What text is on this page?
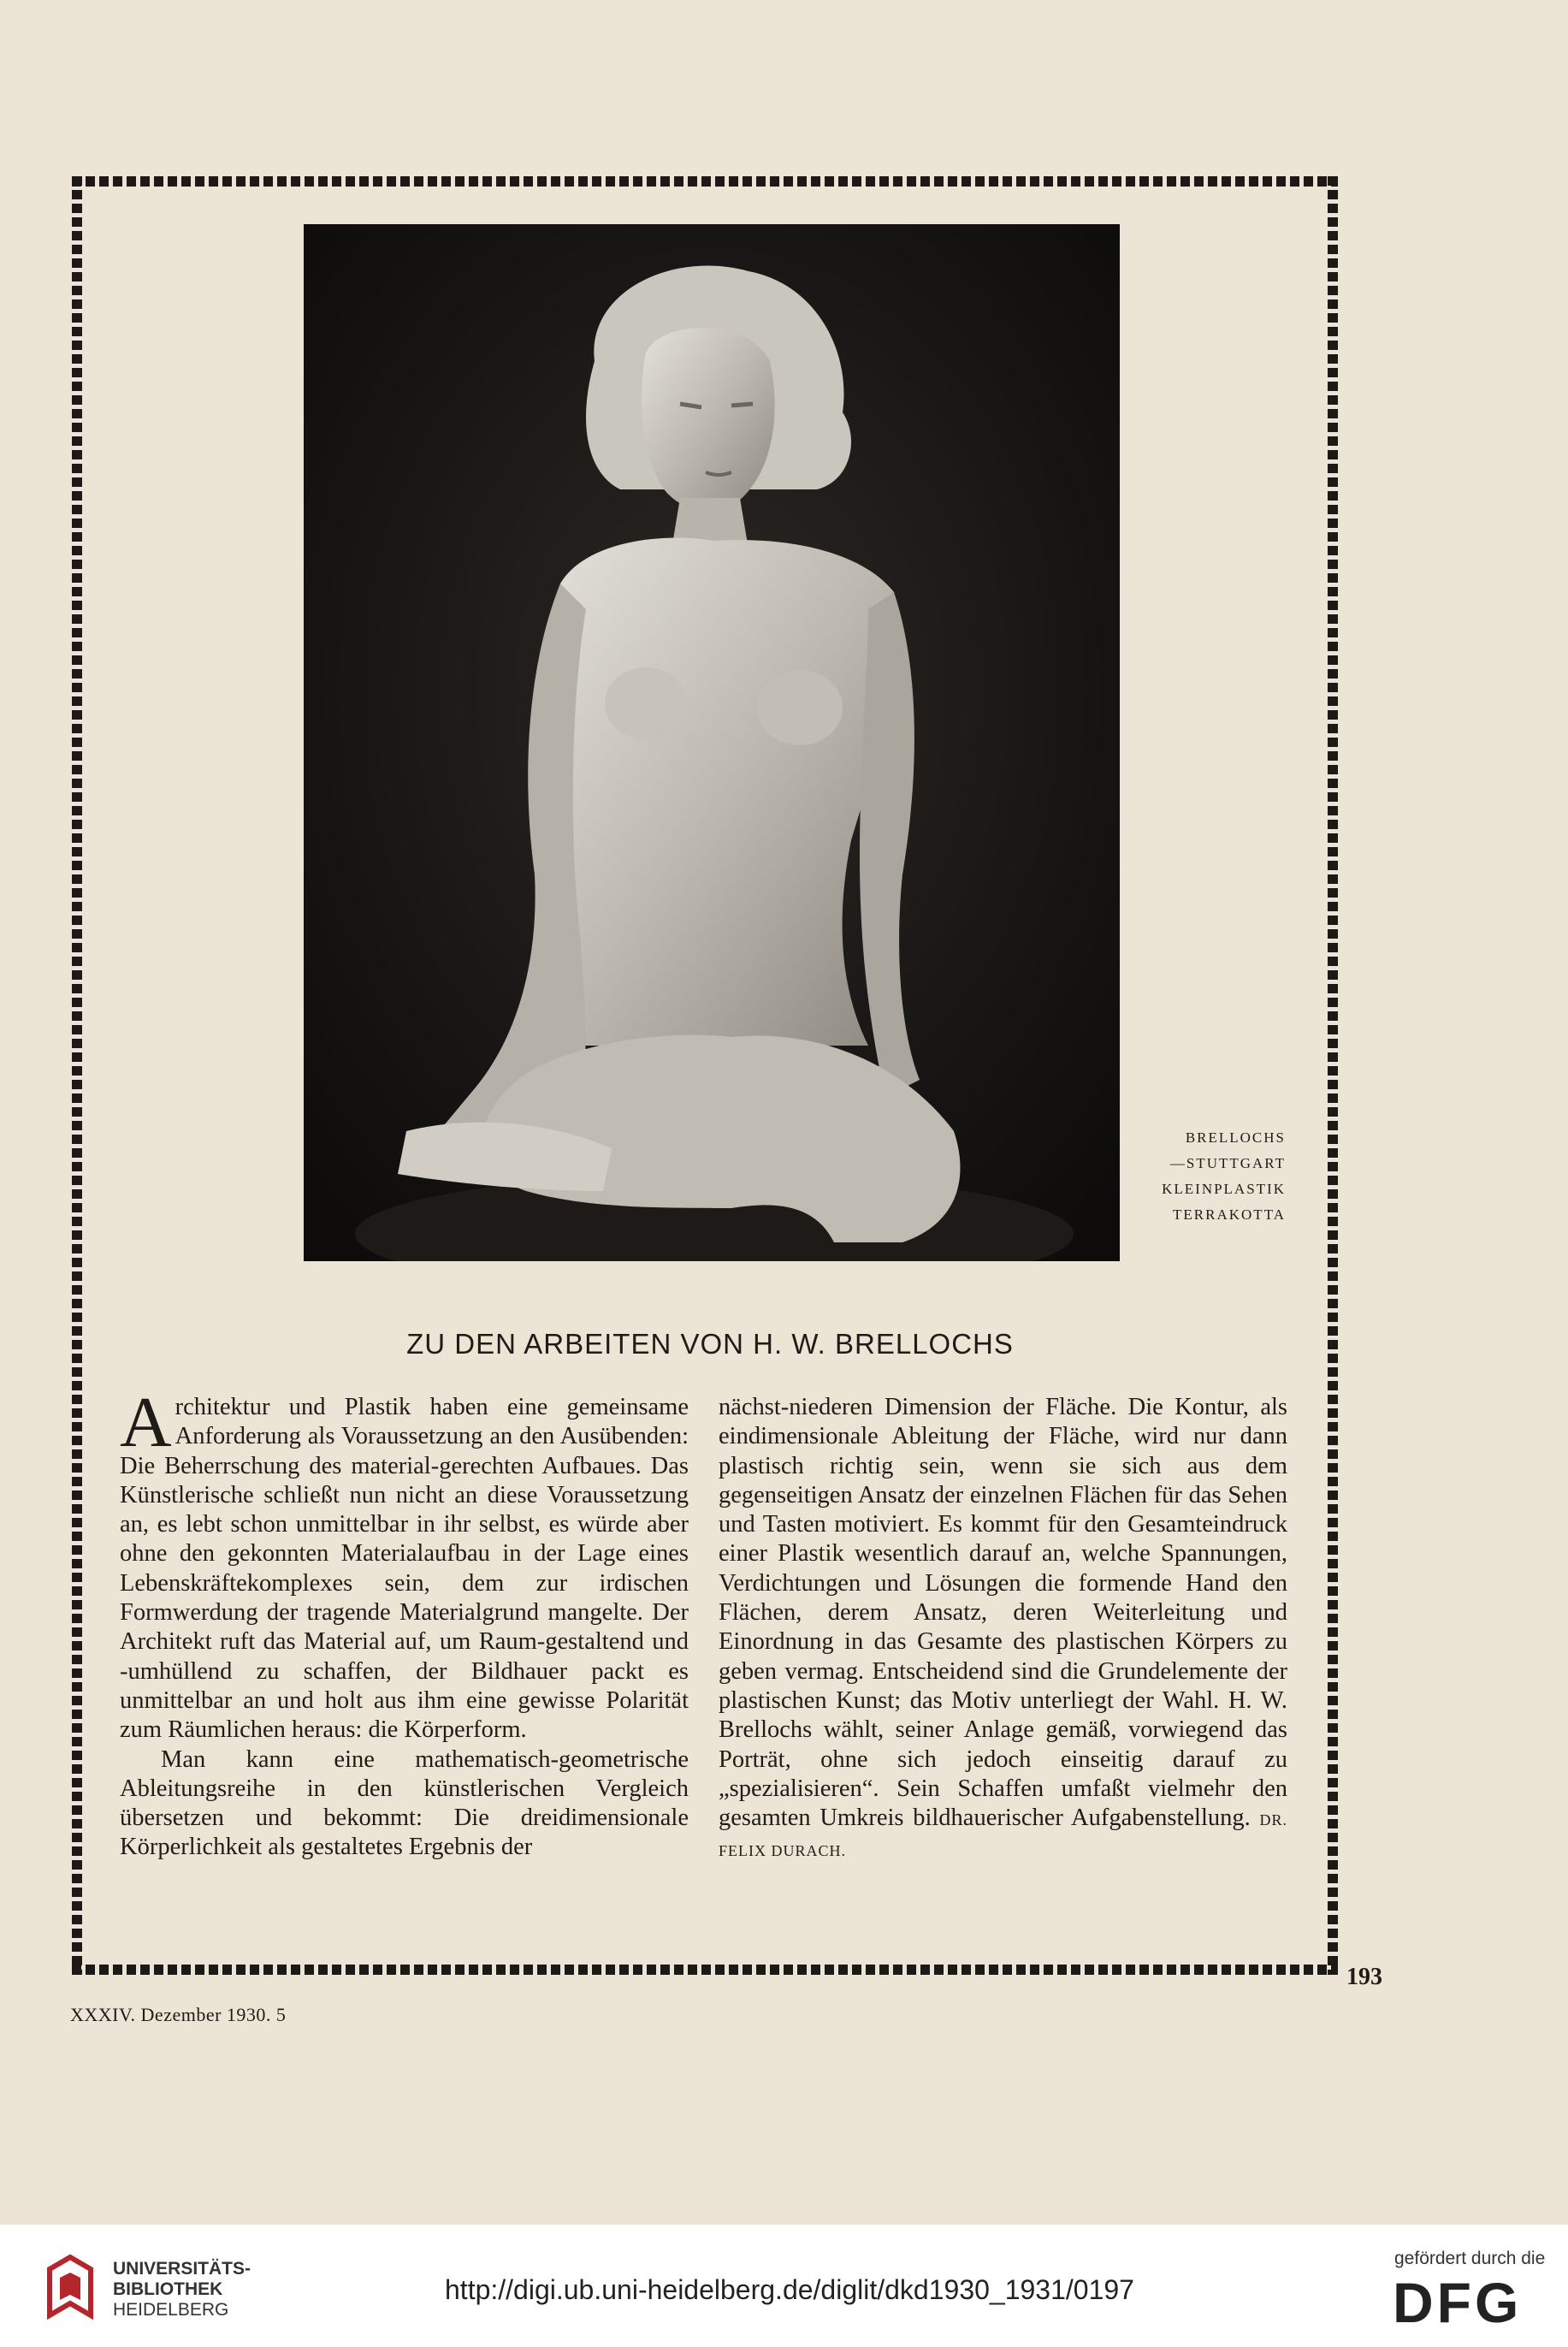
BRELLOCHS
—STUTTGART
KLEINPLASTIK
TERRAKOTTA
ZU DEN ARBEITEN VON H. W. BRELLOCHS

Architektur und Plastik haben eine gemeinsame Anforderung als Voraussetzung an den Ausübenden: Die Beherrschung des material-gerechten Aufbaues. Das Künstlerische schließt nun nicht an diese Voraussetzung an, es lebt schon unmittelbar in ihr selbst, es würde aber ohne den gekonnten Materialaufbau in der Lage eines Lebenskräftekomplexes sein, dem zur irdischen Formwerdung der tragende Materialgrund mangelte. Der Architekt ruft das Material auf, um Raum-gestaltend und -umhüllend zu schaffen, der Bildhauer packt es unmittelbar an und holt aus ihm eine gewisse Polarität zum Räumlichen heraus: die Körperform.

Man kann eine mathematisch-geometrische Ableitungsreihe in den künstlerischen Vergleich übersetzen und bekommt: Die dreidimensionale Körperlichkeit als gestaltetes Ergebnis der

nächst-niederen Dimension der Fläche. Die Kontur, als eindimensionale Ableitung der Fläche, wird nur dann plastisch richtig sein, wenn sie sich aus dem gegenseitigen Ansatz der einzelnen Flächen für das Sehen und Tasten motiviert. Es kommt für den Gesamteindruck einer Plastik wesentlich darauf an, welche Spannungen, Verdichtungen und Lösungen die formende Hand den Flächen, derem Ansatz, deren Weiterleitung und Einordnung in das Gesamte des plastischen Körpers zu geben vermag. Entscheidend sind die Grundelemente der plastischen Kunst; das Motiv unterliegt der Wahl. H. W. Brellochs wählt, seiner Anlage gemäß, vorwiegend das Porträt, ohne sich jedoch einseitig darauf zu „spezialisieren“. Sein Schaffen umfaßt vielmehr den gesamten Umkreis bildhauerischer Aufgabenstellung. DR. FELIX DURACH.

193
XXXIV. Dezember 1930. 5
UNIVERSITÄTS-
BIBLIOTHEK
HEIDELBERG
http://digi.ub.uni-heidelberg.de/diglit/dkd1930_1931/0197
gefördert durch die
DFG
